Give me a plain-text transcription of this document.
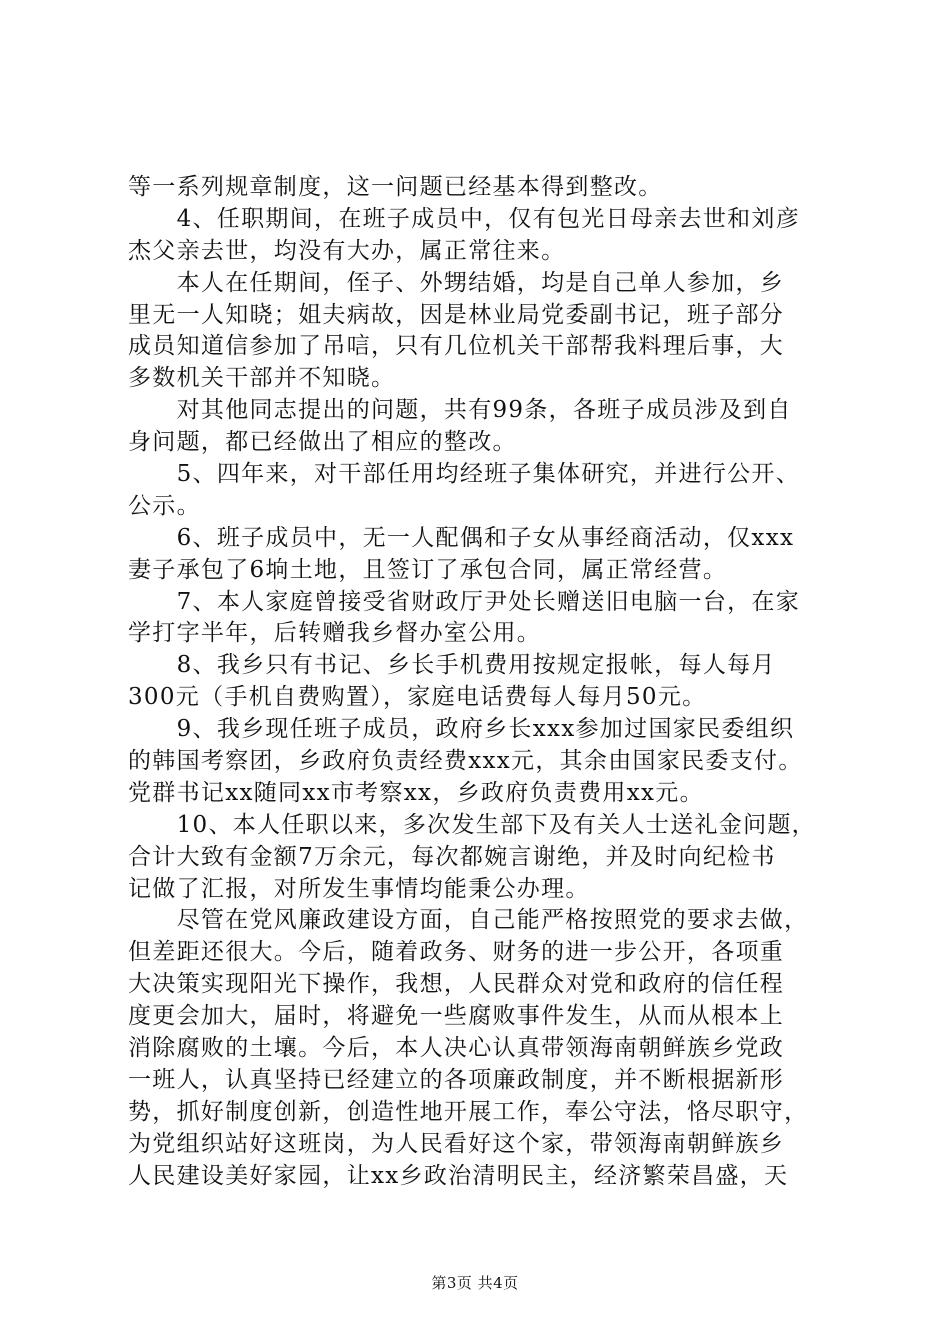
等一系列规章制度，这一问题已经基本得到整改。
　　4、任职期间，在班子成员中，仅有包光日母亲去世和刘彦
杰父亲去世，均没有大办，属正常往来。
　　本人在任期间，侄子、外甥结婚，均是自己单人参加，乡
里无一人知晓；姐夫病故，因是林业局党委副书记，班子部分
成员知道信参加了吊唁，只有几位机关干部帮我料理后事，大
多数机关干部并不知晓。
　　对其他同志提出的问题，共有99条，各班子成员涉及到自
身问题，都已经做出了相应的整改。
　　5、四年来，对干部任用均经班子集体研究，并进行公开、
公示。
　　6、班子成员中，无一人配偶和子女从事经商活动，仅xxx
妻子承包了6垧土地，且签订了承包合同，属正常经营。
　　7、本人家庭曾接受省财政厅尹处长赠送旧电脑一台，在家
学打字半年，后转赠我乡督办室公用。
　　8、我乡只有书记、乡长手机费用按规定报帐，每人每月
300元（手机自费购置），家庭电话费每人每月50元。
　　9、我乡现任班子成员，政府乡长xxx参加过国家民委组织
的韩国考察团，乡政府负责经费xxx元，其余由国家民委支付。
党群书记xx随同xx市考察xx，乡政府负责费用xx元。
　　10、本人任职以来，多次发生部下及有关人士送礼金问题，
合计大致有金额7万余元，每次都婉言谢绝，并及时向纪检书
记做了汇报，对所发生事情均能秉公办理。
　　尽管在党风廉政建设方面，自己能严格按照党的要求去做，
但差距还很大。今后，随着政务、财务的进一步公开，各项重
大决策实现阳光下操作，我想，人民群众对党和政府的信任程
度更会加大，届时，将避免一些腐败事件发生，从而从根本上
消除腐败的土壤。今后，本人决心认真带领海南朝鲜族乡党政
一班人，认真坚持已经建立的各项廉政制度，并不断根据新形
势，抓好制度创新，创造性地开展工作，奉公守法，恪尽职守，
为党组织站好这班岗，为人民看好这个家，带领海南朝鲜族乡
人民建设美好家园，让xx乡政治清明民主，经济繁荣昌盛，天
第3页 共4页
